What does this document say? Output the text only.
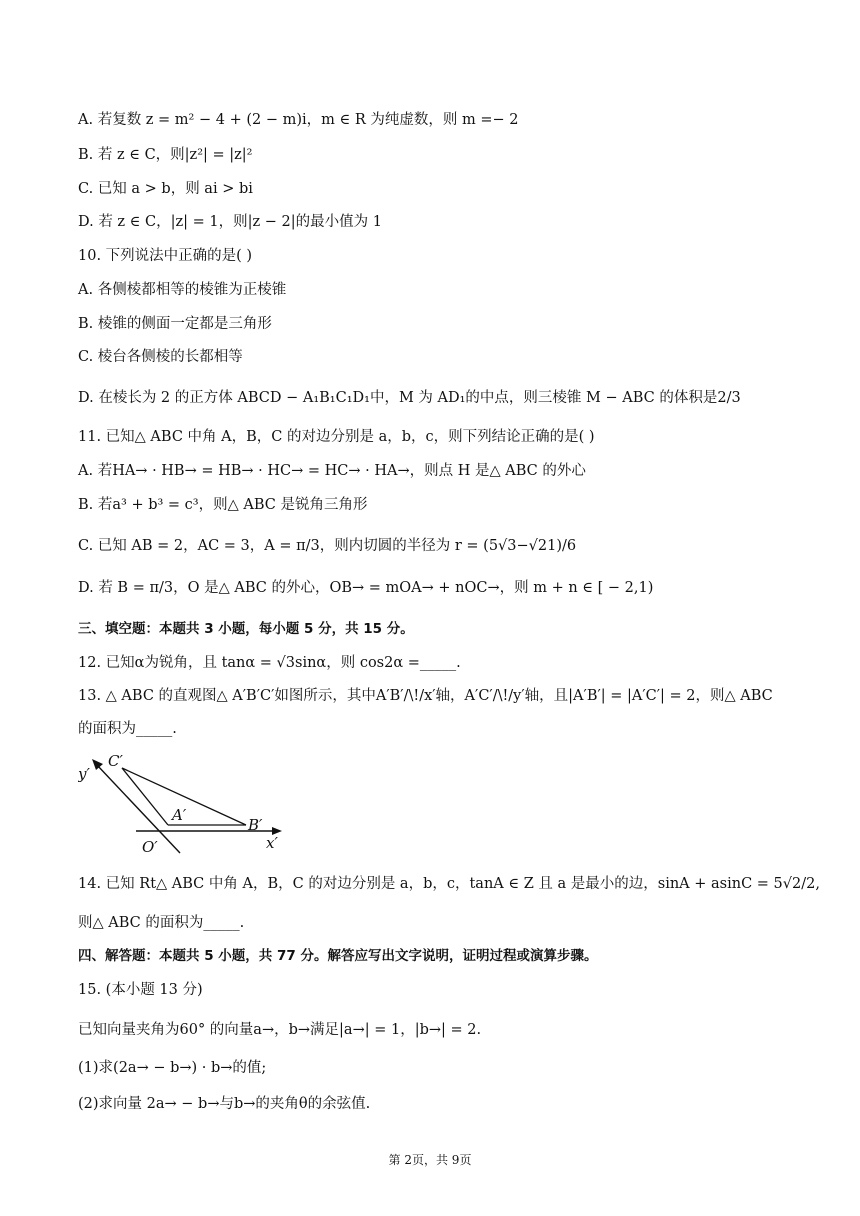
A. 若复数 z = m² − 4 + (2 − m)i，m ∈ R 为纯虚数，则 m =− 2
B. 若 z ∈ C，则|z²| = |z|²
C. 已知 a > b，则 ai > bi
D. 若 z ∈ C，|z| = 1，则|z − 2|的最小值为 1
10. 下列说法中正确的是( )
A. 各侧棱都相等的棱锥为正棱锥
B. 棱锥的侧面一定都是三角形
C. 棱台各侧棱的长都相等
D. 在棱长为 2 的正方体 ABCD − A₁B₁C₁D₁中，M 为 AD₁的中点，则三棱锥 M − ABC 的体积是2/3
11. 已知△ ABC 中角 A，B，C 的对边分别是 a，b，c，则下列结论正确的是( )
A. 若HA→ · HB→ = HB→ · HC→ = HC→ · HA→，则点 H 是△ ABC 的外心
B. 若a³ + b³ = c³，则△ ABC 是锐角三角形
C. 已知 AB = 2，AC = 3，A = π/3，则内切圆的半径为 r = (5√3−√21)/6
D. 若 B = π/3，O 是△ ABC 的外心，OB→ = mOA→ + nOC→，则 m + n ∈ [ − 2,1)
三、填空题：本题共 3 小题，每小题 5 分，共 15 分。
12. 已知α为锐角，且 tanα = √3sinα，则 cos2α =_____.
13. △ ABC 的直观图△ A′B′C′如图所示，其中A′B′/\!/x′轴，A′C′/\!/y′轴，且|A′B′| = |A′C′| = 2，则△ ABC
的面积为_____.
C′
y′
A′
B′
O′	x′
14. 已知 Rt△ ABC 中角 A，B，C 的对边分别是 a，b，c，tanA ∈ Z 且 a 是最小的边，sinA + asinC = 5√2/2,
则△ ABC 的面积为_____.
四、解答题：本题共 5 小题，共 77 分。解答应写出文字说明，证明过程或演算步骤。
15. (本小题 13 分)
已知向量夹角为60° 的向量a→，b→满足|a→| = 1，|b→| = 2.
(1)求(2a→ − b→) · b→的值;
(2)求向量 2a→ − b→与b→的夹角θ的余弦值.
第 2页，共 9页
